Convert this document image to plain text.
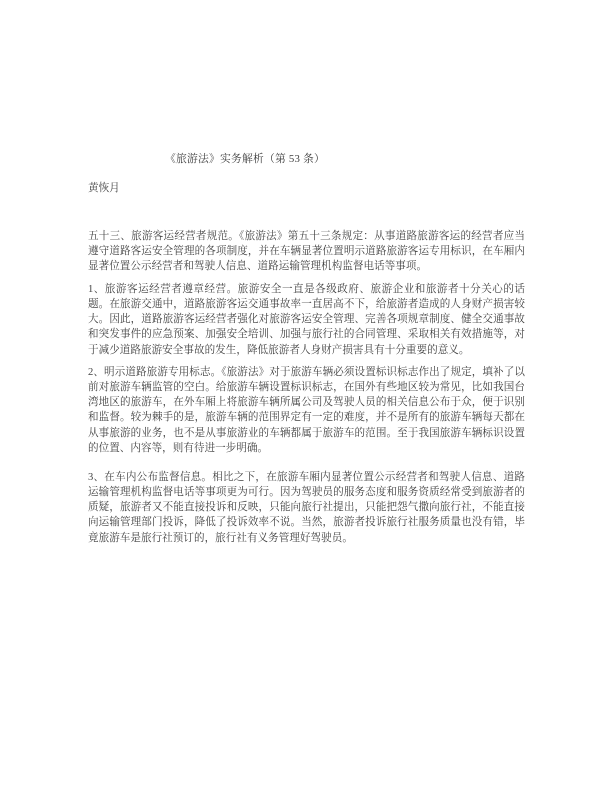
《旅游法》实务解析（第 53 条）
黄恢月
五十三、旅游客运经营者规范。《旅游法》第五十三条规定：从事道路旅游客运的经营者应当遵守道路客运安全管理的各项制度，并在车辆显著位置明示道路旅游客运专用标识，在车厢内显著位置公示经营者和驾驶人信息、道路运输管理机构监督电话等事项。
1、旅游客运经营者遵章经营。旅游安全一直是各级政府、旅游企业和旅游者十分关心的话题。在旅游交通中，道路旅游客运交通事故率一直居高不下，给旅游者造成的人身财产损害较大。因此，道路旅游客运经营者强化对旅游客运安全管理、完善各项规章制度、健全交通事故和突发事件的应急预案、加强安全培训、加强与旅行社的合同管理、采取相关有效措施等，对于减少道路旅游安全事故的发生，降低旅游者人身财产损害具有十分重要的意义。
2、明示道路旅游专用标志。《旅游法》对于旅游车辆必须设置标识标志作出了规定，填补了以前对旅游车辆监管的空白。给旅游车辆设置标识标志，在国外有些地区较为常见，比如我国台湾地区的旅游车，在外车厢上将旅游车辆所属公司及驾驶人员的相关信息公布于众，便于识别和监督。较为棘手的是，旅游车辆的范围界定有一定的难度，并不是所有的旅游车辆每天都在从事旅游的业务，也不是从事旅游业的车辆都属于旅游车的范围。至于我国旅游车辆标识设置的位置、内容等，则有待进一步明确。
3、在车内公布监督信息。相比之下，在旅游车厢内显著位置公示经营者和驾驶人信息、道路运输管理机构监督电话等事项更为可行。因为驾驶员的服务态度和服务资质经常受到旅游者的质疑，旅游者又不能直接投诉和反映，只能向旅行社提出，只能把怨气撒向旅行社，不能直接向运输管理部门投诉，降低了投诉效率不说。当然，旅游者投诉旅行社服务质量也没有错，毕竟旅游车是旅行社预订的，旅行社有义务管理好驾驶员。
